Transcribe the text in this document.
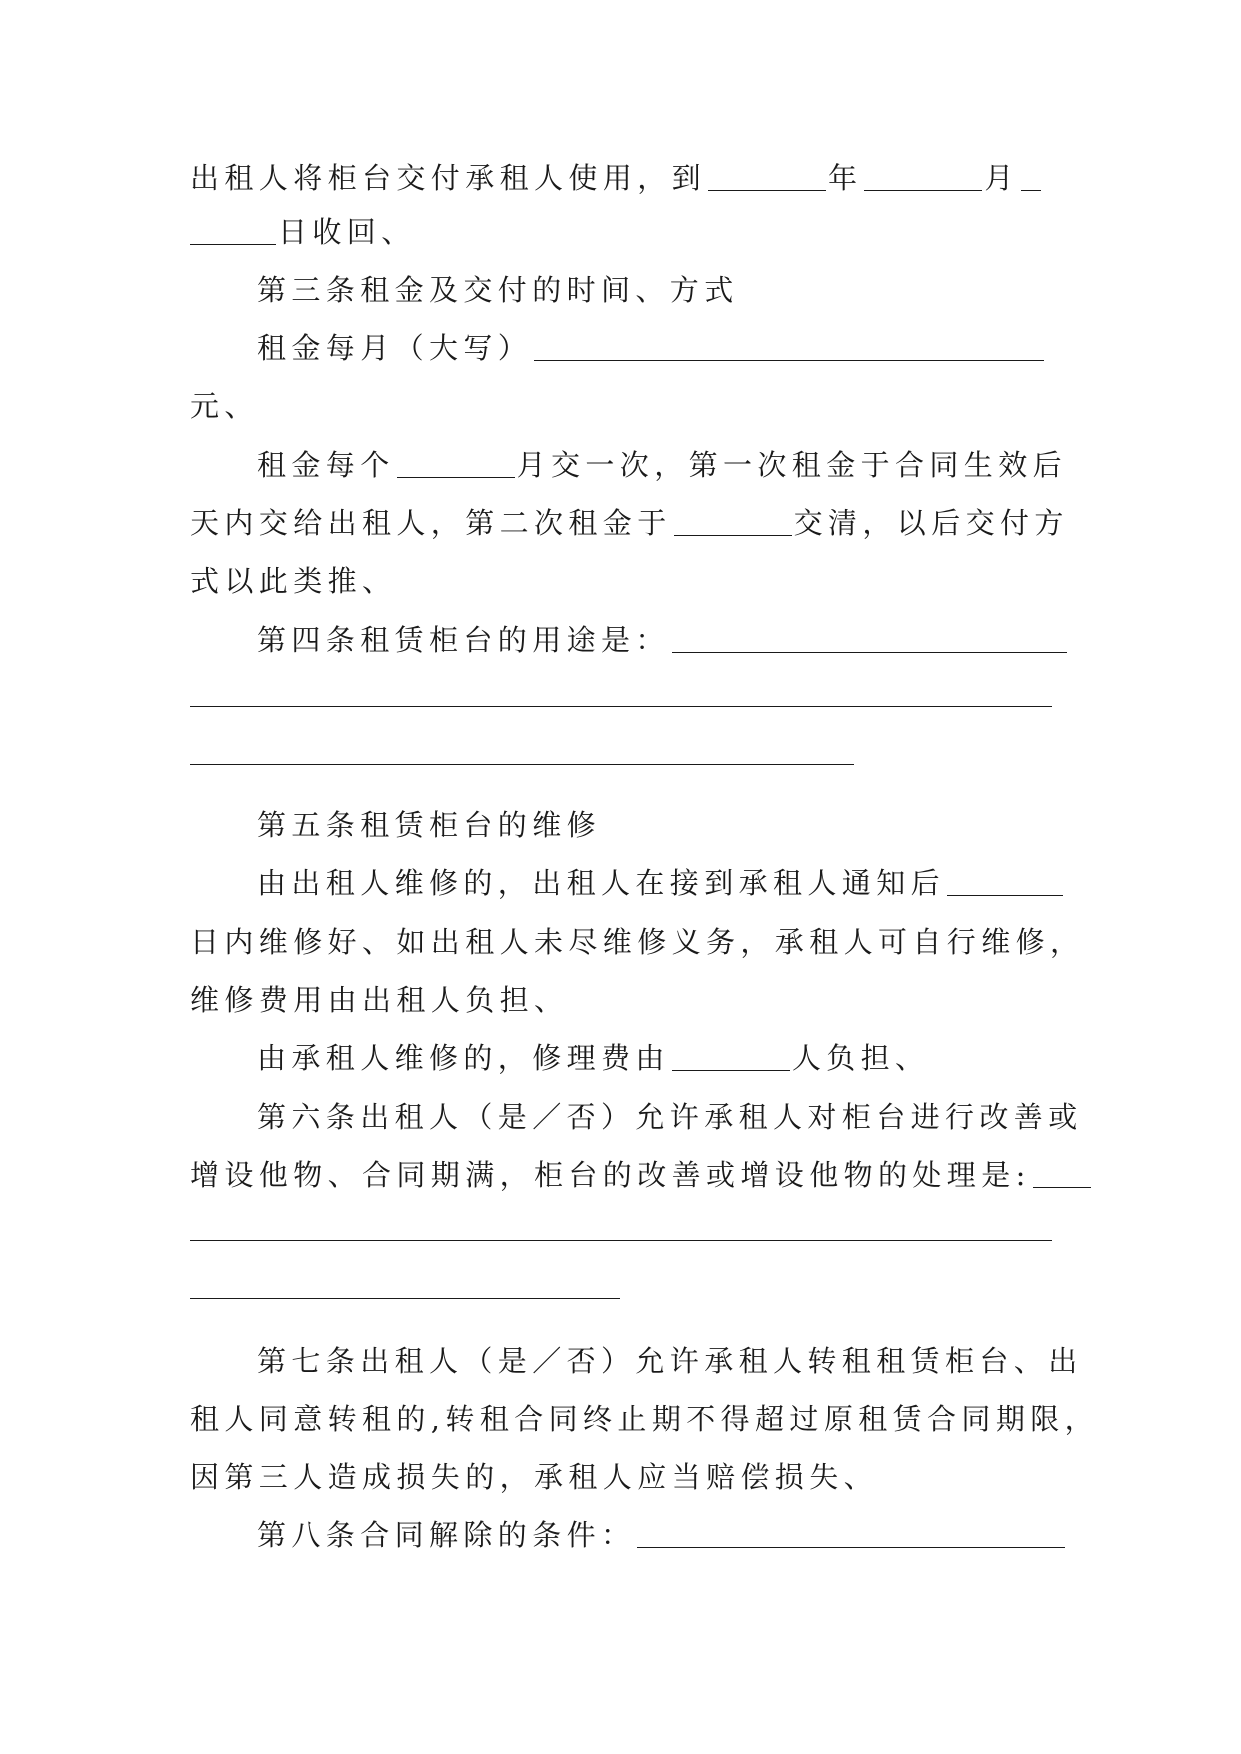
出租人将柜台交付承租人使用，到	年	月
日收回、
第三条租金及交付的时间、方式
租金每月（大写）
元、
租金每个	月交一次，第一次租金于合同生效后
天内交给出租人，第二次租金于	交清，以后交付方
式以此类推、
第四条租赁柜台的用途是：
第五条租赁柜台的维修
由出租人维修的，出租人在接到承租人通知后
日内维修好、如出租人未尽维修义务，承租人可自行维修，
维修费用由出租人负担、
由承租人维修的，修理费由	人负担、
第六条出租人（是／否）允许承租人对柜台进行改善或
增设他物、合同期满，柜台的改善或增设他物的处理是:
第七条出租人（是／否）允许承租人转租租赁柜台、出
租人同意转租的,转租合同终止期不得超过原租赁合同期限，
因第三人造成损失的，承租人应当赔偿损失、
第八条合同解除的条件：
